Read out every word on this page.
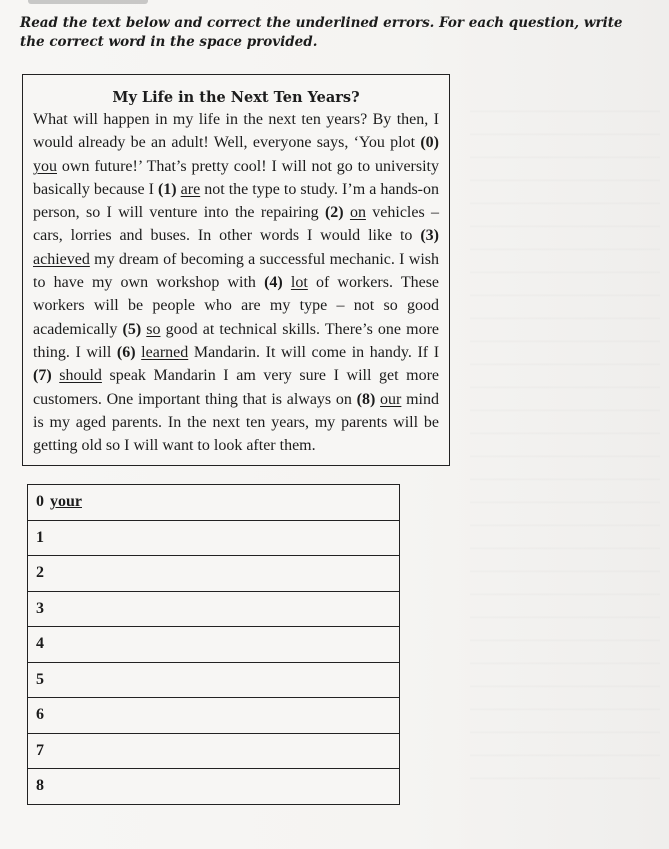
Read the text below and correct the underlined errors. For each question, write the correct word in the space provided.
My Life in the Next Ten Years?

What will happen in my life in the next ten years? By then, I would already be an adult! Well, everyone says, ‘You plot (0) you own future!’ That’s pretty cool! I will not go to university basically because I (1) are not the type to study. I’m a hands-on person, so I will venture into the repairing (2) on vehicles – cars, lorries and buses. In other words I would like to (3) achieved my dream of becoming a successful mechanic. I wish to have my own workshop with (4) lot of workers. These workers will be people who are my type – not so good academically (5) so good at technical skills. There’s one more thing. I will (6) learned Mandarin. It will come in handy. If I (7) should speak Mandarin I am very sure I will get more customers. One important thing that is always on (8) our mind is my aged parents. In the next ten years, my parents will be getting old so I will want to look after them.

0 your
1
2
3
4
5
6
7
8
